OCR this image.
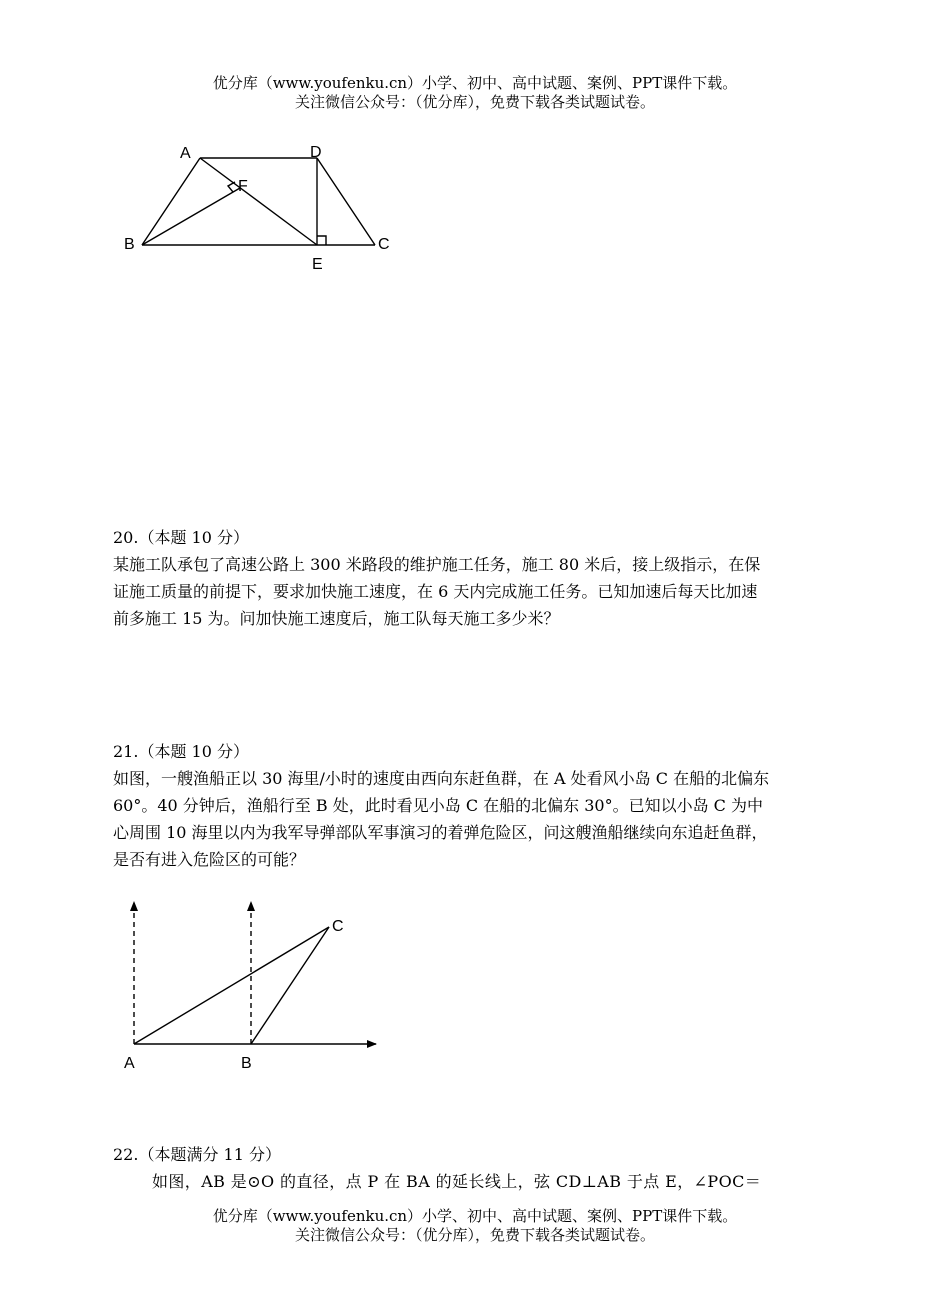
优分库（www.youfenku.cn）小学、初中、高中试题、案例、PPT课件下载。
关注微信公众号：（优分库），免费下载各类试题试卷。
A	D
F
B
E
C
20.（本题 10 分）
某施工队承包了高速公路上 300 米路段的维护施工任务，施工 80 米后，接上级指示，在保
证施工质量的前提下，要求加快施工速度，在 6 天内完成施工任务。已知加速后每天比加速
前多施工 15 为。问加快施工速度后，施工队每天施工多少米？
21.（本题 10 分）
如图，一艘渔船正以 30 海里/小时的速度由西向东赶鱼群，在 A 处看风小岛 C 在船的北偏东
60°。40 分钟后，渔船行至 B 处，此时看见小岛 C 在船的北偏东 30°。已知以小岛 C 为中
心周围 10 海里以内为我军导弹部队军事演习的着弹危险区，问这艘渔船继续向东追赶鱼群，
是否有进入危险区的可能？
A	B
C
22.（本题满分 11 分）
如图，AB 是⊙O 的直径，点 P 在 BA 的延长线上，弦 CD⊥AB 于点 E，∠POC＝
优分库（www.youfenku.cn）小学、初中、高中试题、案例、PPT课件下载。
关注微信公众号：（优分库），免费下载各类试题试卷。
